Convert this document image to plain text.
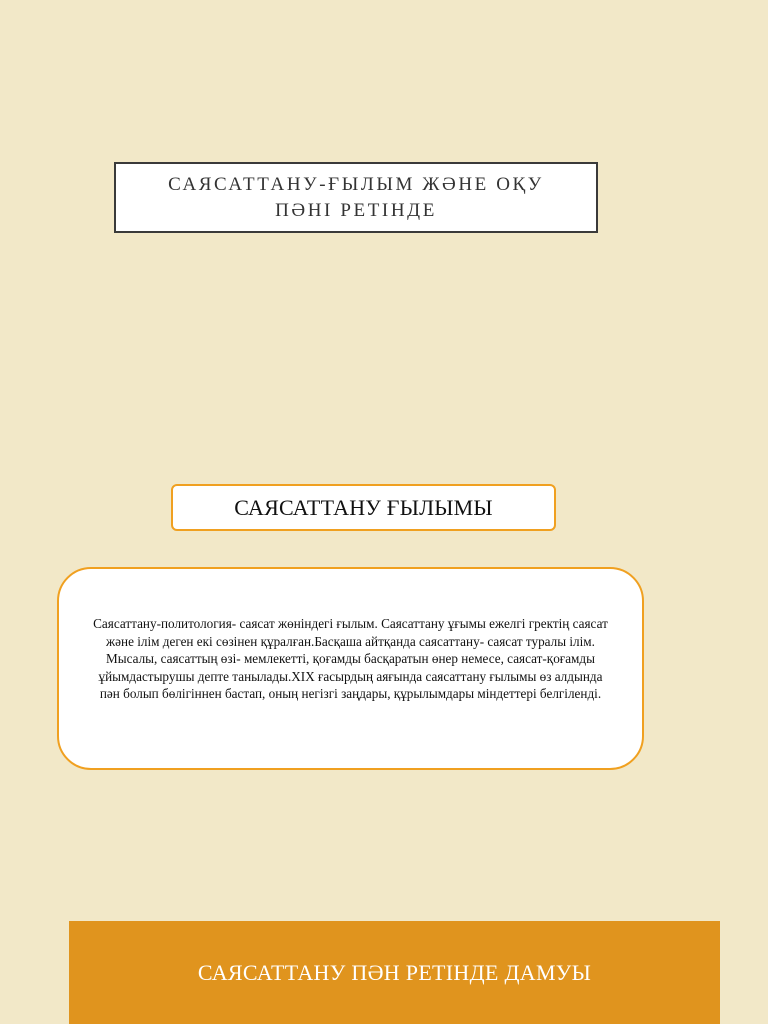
САЯСАТТАНУ-ҒЫЛЫМ ЖӘНЕ ОҚУ ПӘНІ РЕТІНДЕ
САЯСАТТАНУ ҒЫЛЫМЫ

Саясаттану-политология- саясат жөніндегі ғылым. Саясаттану ұғымы ежелгі гректің саясат және ілім деген екі сөзінен құралған.Басқаша айтқанда саясаттану- саясат туралы ілім. Мысалы, саясаттың өзі- мемлекетті, қоғамды басқаратын өнер немесе, саясат-қоғамды ұйымдастырушы депте танылады.XIX ғасырдың аяғында саясаттану ғылымы өз алдында пән болып бөлігіннен бастап, оның негізгі заңдары, құрылымдары міндеттері белгіленді.

САЯСАТТАНУ ПӘН РЕТІНДЕ ДАМУЫ
